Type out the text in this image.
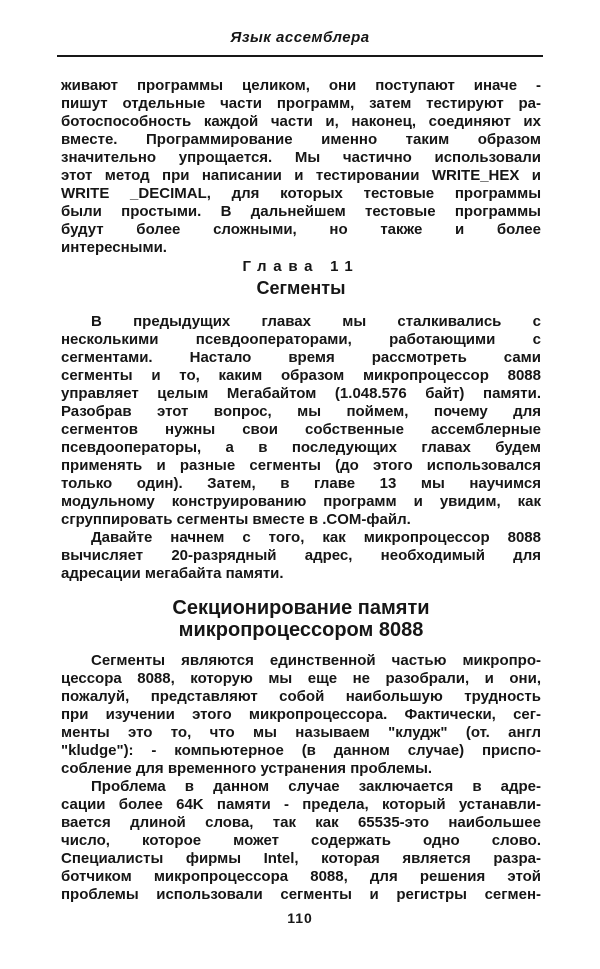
Язык ассемблера
живают программы целиком, они поступают иначе -
пишут отдельные части программ, затем тестируют ра-
ботоспособность каждой части и, наконец, соединяют их
вместе. Программирование именно таким образом
значительно упрощается. Мы частично использовали
этот метод при написании и тестировании WRITE_HEX и
WRITE _DECIMAL, для которых тестовые программы
были простыми. В дальнейшем тестовые программы
будут более сложными, но также и более
интересными.
Глава 11
Сегменты
В предыдущих главах мы сталкивались с
несколькими псевдооператорами, работающими с
сегментами. Настало время рассмотреть сами
сегменты и то, каким образом микропроцессор 8088
управляет целым Мегабайтом (1.048.576 байт) памяти.
Разобрав этот вопрос, мы поймем, почему для
сегментов нужны свои собственные ассемблерные
псевдооператоры, а в последующих главах будем
применять и разные сегменты (до этого использовался
только один). Затем, в главе 13 мы научимся
модульному конструированию программ и увидим, как
сгруппировать сегменты вместе в .COM-файл.
Давайте начнем с того, как микропроцессор 8088
вычисляет 20-разрядный адрес, необходимый для
адресации мегабайта памяти.
Секционирование памяти
микропроцессором 8088
Сегменты являются единственной частью микропро-
цессора 8088, которую мы еще не разобрали, и они,
пожалуй, представляют собой наибольшую трудность
при изучении этого микропроцессора. Фактически, сег-
менты это то, что мы называем "клудж" (от. англ
"kludge"): - компьютерное (в данном случае) приспо-
собление для временного устранения проблемы.
Проблема в данном случае заключается в адре-
сации более 64K памяти - предела, который устанавли-
вается длиной слова, так как 65535-это наибольшее
число, которое может содержать одно слово.
Специалисты фирмы Intel, которая является разра-
ботчиком микропроцессора 8088, для решения этой
проблемы использовали сегменты и регистры сегмен-
110
